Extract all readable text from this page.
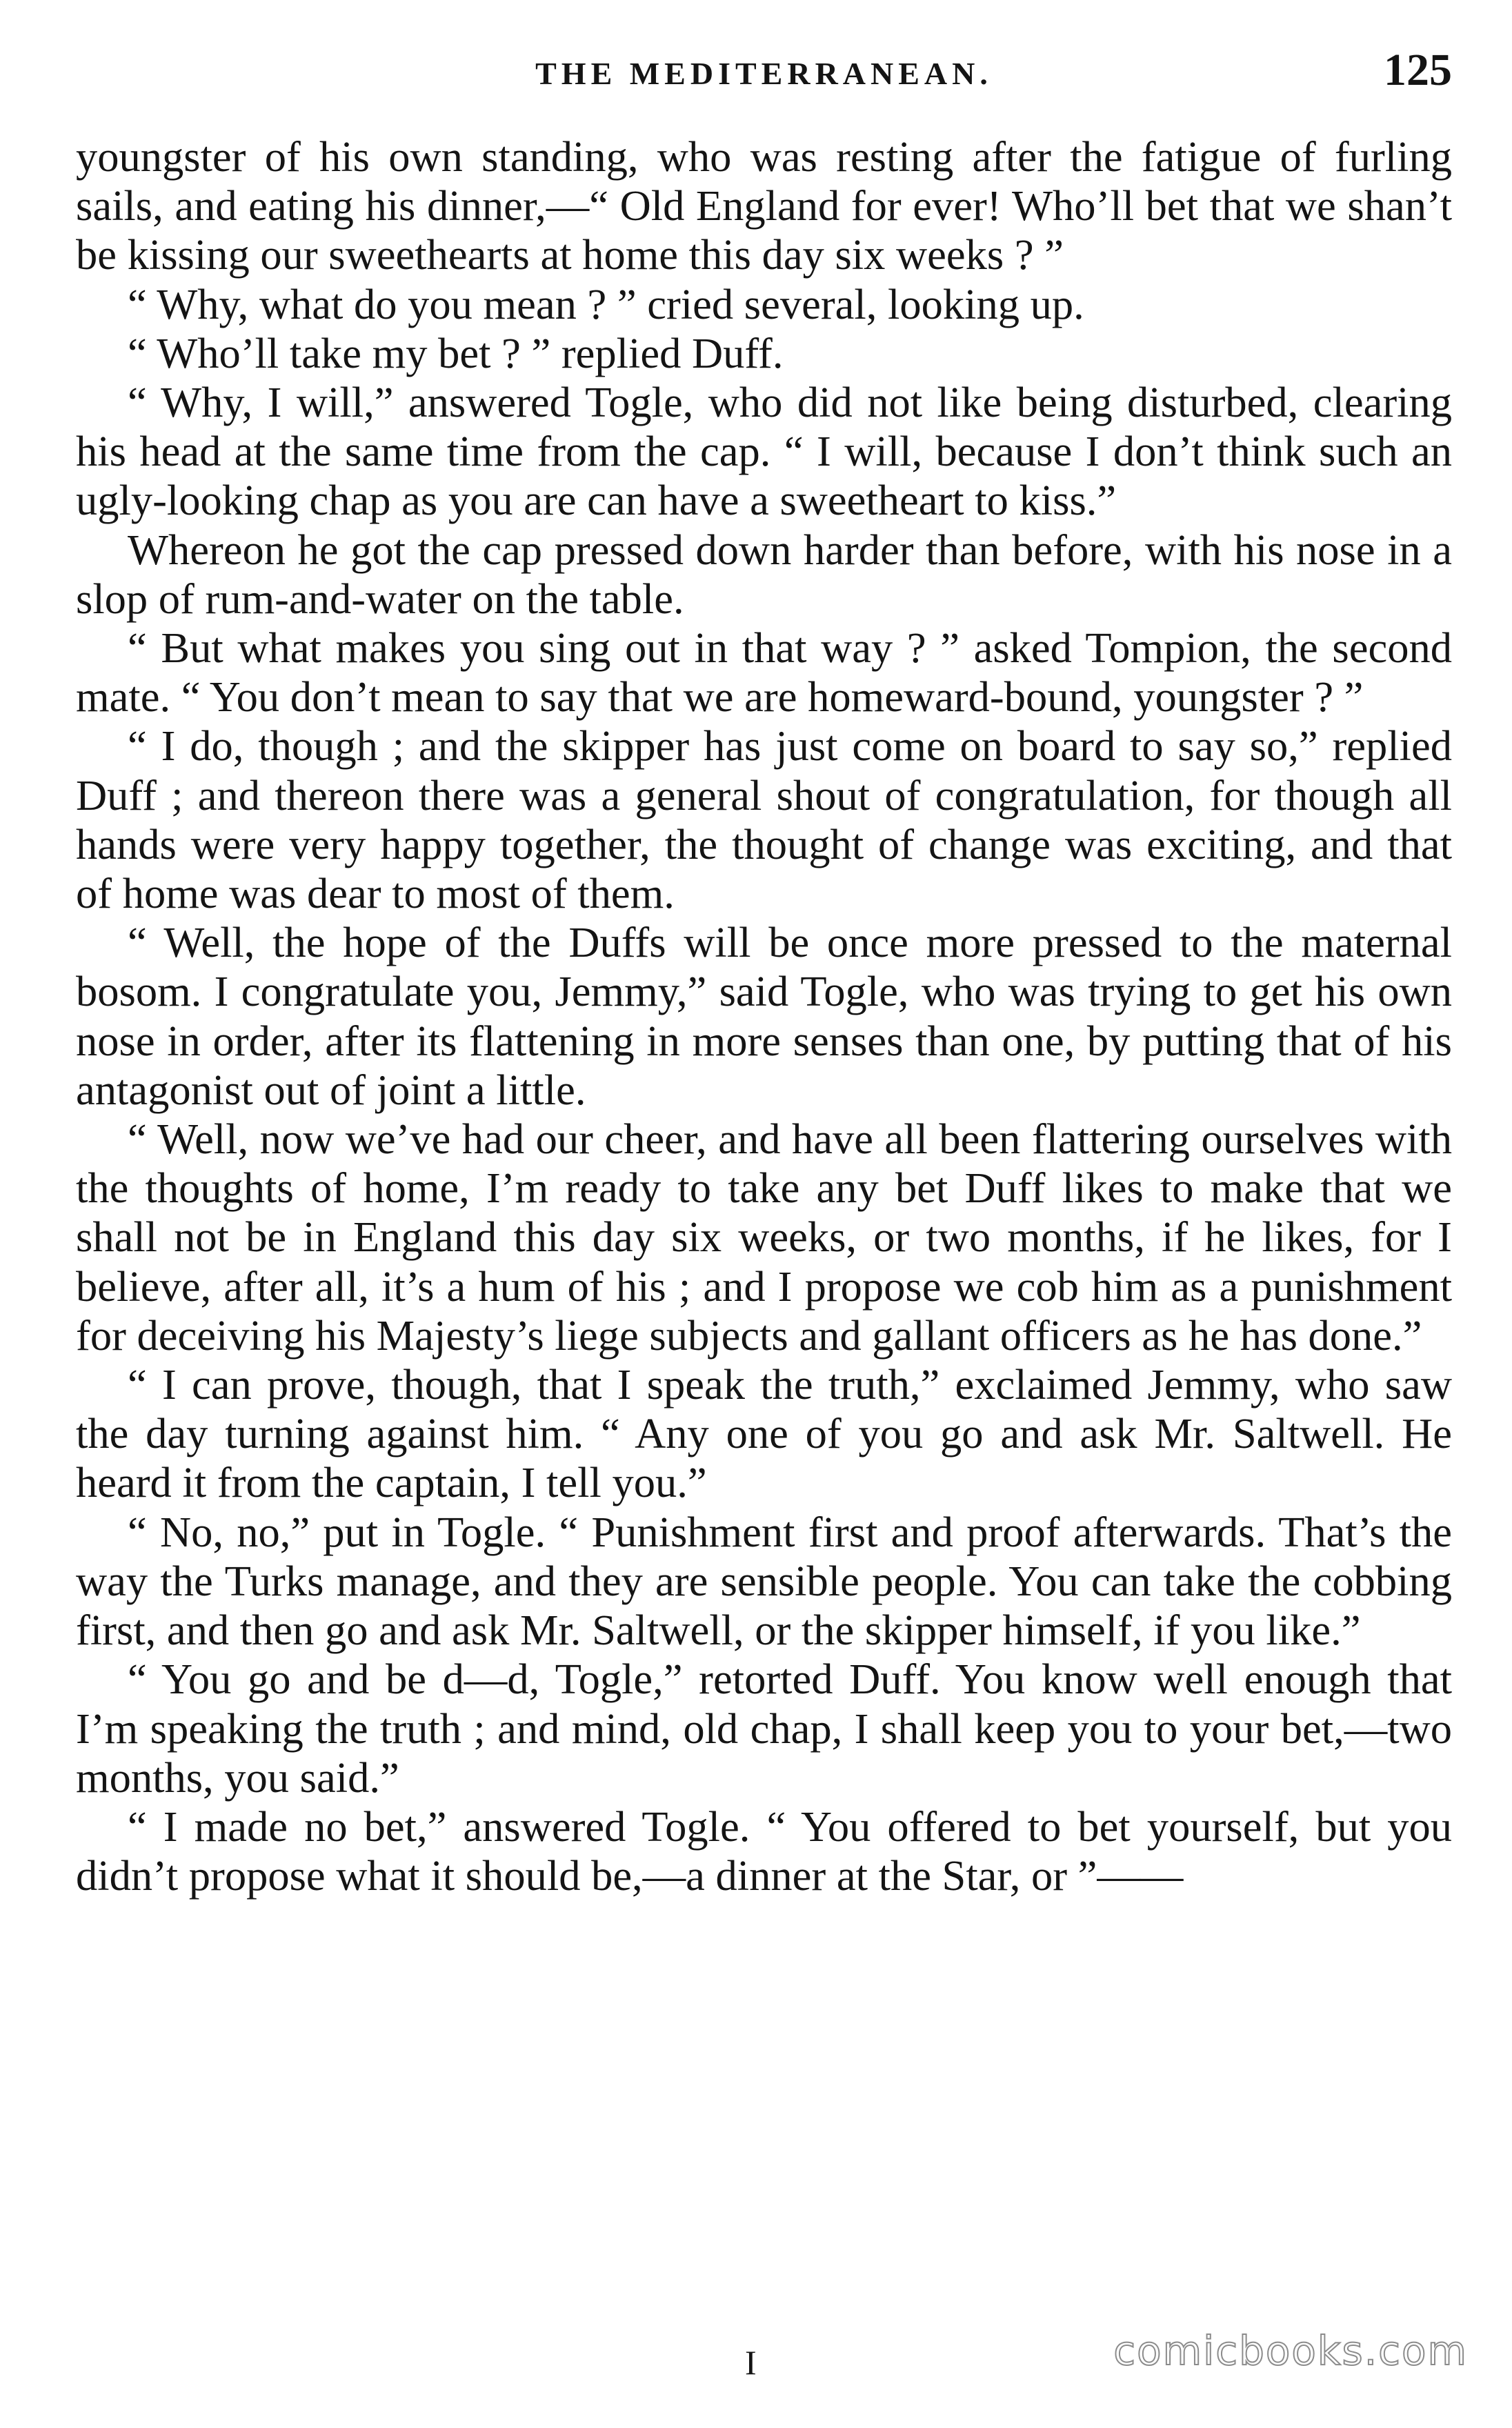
THE MEDITERRANEAN.	125

youngster of his own standing, who was resting after the fatigue of furling sails, and eating his dinner,—“ Old England for ever! Who’ll bet that we shan’t be kissing our sweethearts at home this day six weeks ? ”

“ Why, what do you mean ? ” cried several, looking up.

“ Who’ll take my bet ? ” replied Duff.

“ Why, I will,” answered Togle, who did not like being disturbed, clearing his head at the same time from the cap. “ I will, because I don’t think such an ugly-looking chap as you are can have a sweetheart to kiss.”

Whereon he got the cap pressed down harder than before, with his nose in a slop of rum-and-water on the table.

“ But what makes you sing out in that way ? ” asked Tompion, the second mate. “ You don’t mean to say that we are homeward-bound, youngster ? ”

“ I do, though ; and the skipper has just come on board to say so,” replied Duff ; and thereon there was a general shout of congratulation, for though all hands were very happy together, the thought of change was exciting, and that of home was dear to most of them.

“ Well, the hope of the Duffs will be once more pressed to the maternal bosom. I congratulate you, Jemmy,” said Togle, who was trying to get his own nose in order, after its flattening in more senses than one, by putting that of his antagonist out of joint a little.

“ Well, now we’ve had our cheer, and have all been flattering ourselves with the thoughts of home, I’m ready to take any bet Duff likes to make that we shall not be in England this day six weeks, or two months, if he likes, for I believe, after all, it’s a hum of his ; and I propose we cob him as a punishment for deceiving his Majesty’s liege subjects and gallant officers as he has done.”

“ I can prove, though, that I speak the truth,” exclaimed Jemmy, who saw the day turning against him. “ Any one of you go and ask Mr. Saltwell. He heard it from the captain, I tell you.”

“ No, no,” put in Togle. “ Punishment first and proof afterwards. That’s the way the Turks manage, and they are sensible people. You can take the cobbing first, and then go and ask Mr. Saltwell, or the skipper himself, if you like.”

“ You go and be d—d, Togle,” retorted Duff. You know well enough that I’m speaking the truth ; and mind, old chap, I shall keep you to your bet,—two months, you said.”

“ I made no bet,” answered Togle. “ You offered to bet yourself, but you didn’t propose what it should be,—a dinner at the Star, or ”——

I	comicbooks.com
